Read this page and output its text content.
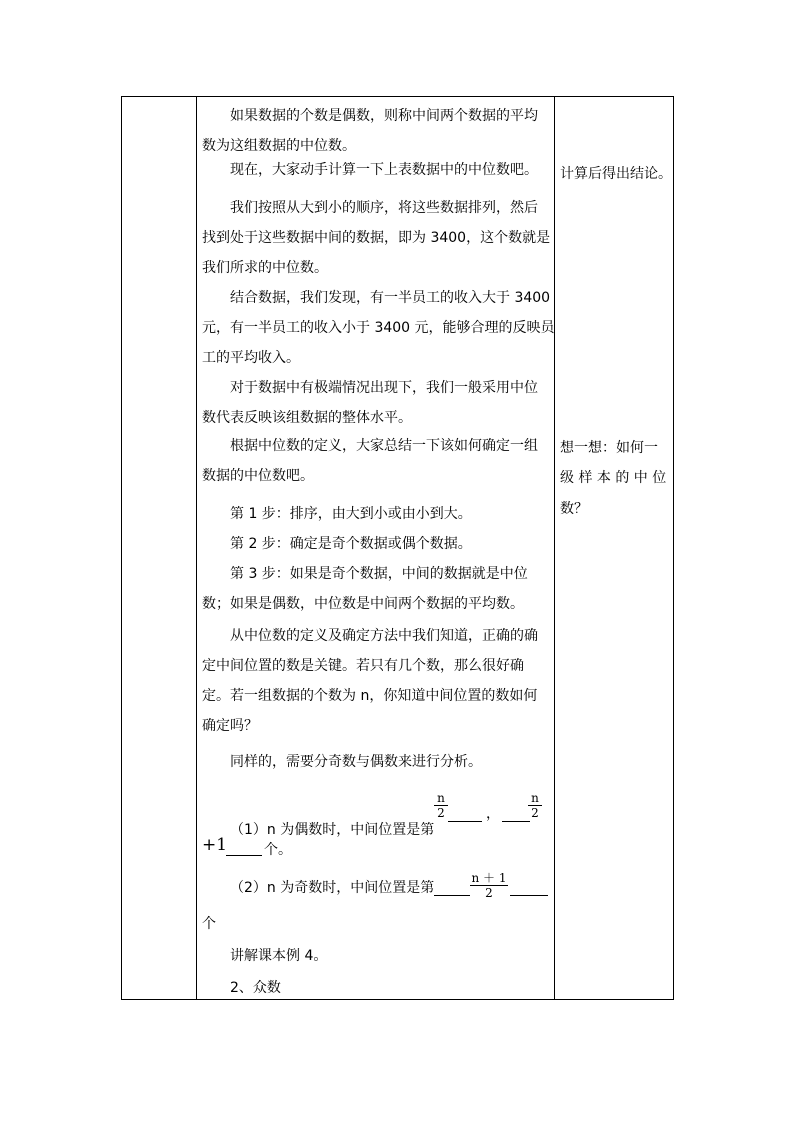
如果数据的个数是偶数，则称中间两个数据的平均
数为这组数据的中位数。
现在，大家动手计算一下上表数据中的中位数吧。
我们按照从大到小的顺序，将这些数据排列，然后
找到处于这些数据中间的数据，即为 3400，这个数就是
我们所求的中位数。
结合数据，我们发现，有一半员工的收入大于 3400
元，有一半员工的收入小于 3400 元，能够合理的反映员
工的平均收入。
对于数据中有极端情况出现下，我们一般采用中位
数代表反映该组数据的整体水平。
根据中位数的定义，大家总结一下该如何确定一组
数据的中位数吧。
第 1 步：排序，由大到小或由小到大。
第 2 步：确定是奇个数据或偶个数据。
第 3 步：如果是奇个数据，中间的数据就是中位
数；如果是偶数，中位数是中间两个数据的平均数。
从中位数的定义及确定方法中我们知道，正确的确
定中间位置的数是关键。若只有几个数，那么很好确
定。若一组数据的个数为 n，你知道中间位置的数如何
确定吗？
同样的，需要分奇数与偶数来进行分析。
（1）n 为偶数时，中间位置是第
n
2	，
n
2
+1	个。
（2）n 为奇数时，中间位置是第
n ＋ 1
2
个
讲解课本例 4。
2、众数
计算后得出结论。
想一想：如何一
级 样 本 的 中 位
数？
